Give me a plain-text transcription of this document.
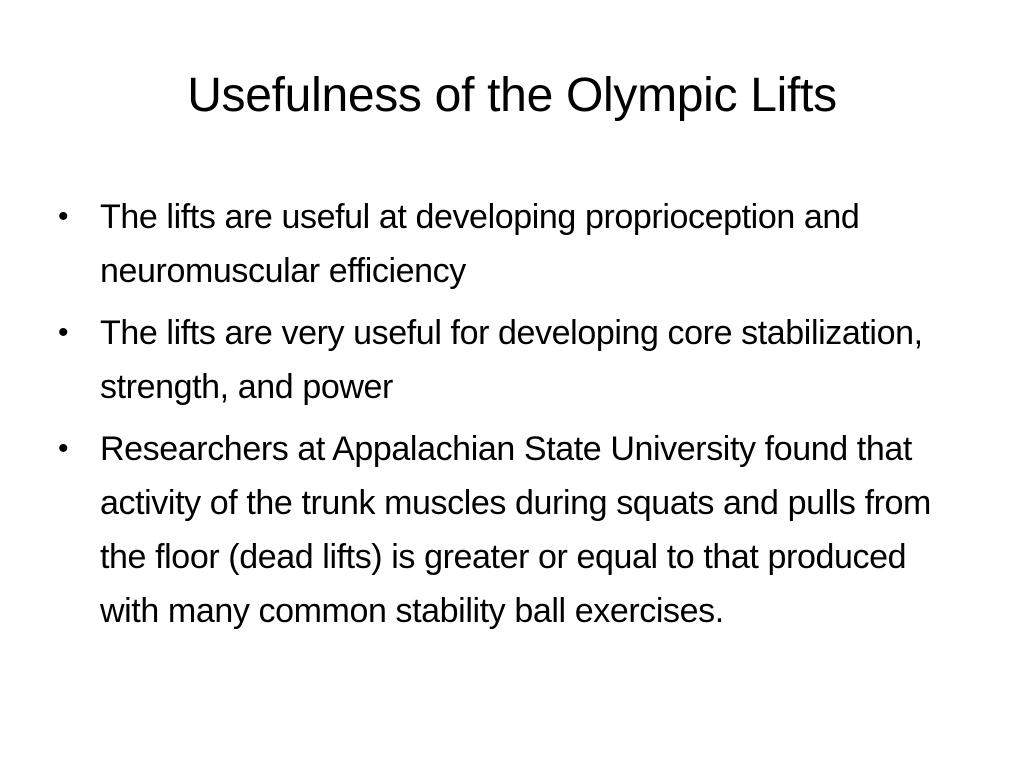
Usefulness of the Olympic Lifts
• The lifts are useful at developing proprioception and neuromuscular efficiency
• The lifts are very useful for developing core stabilization, strength, and power
• Researchers at Appalachian State University found that activity of the trunk muscles during squats and pulls from the floor (dead lifts) is greater or equal to that produced with many common stability ball exercises.
